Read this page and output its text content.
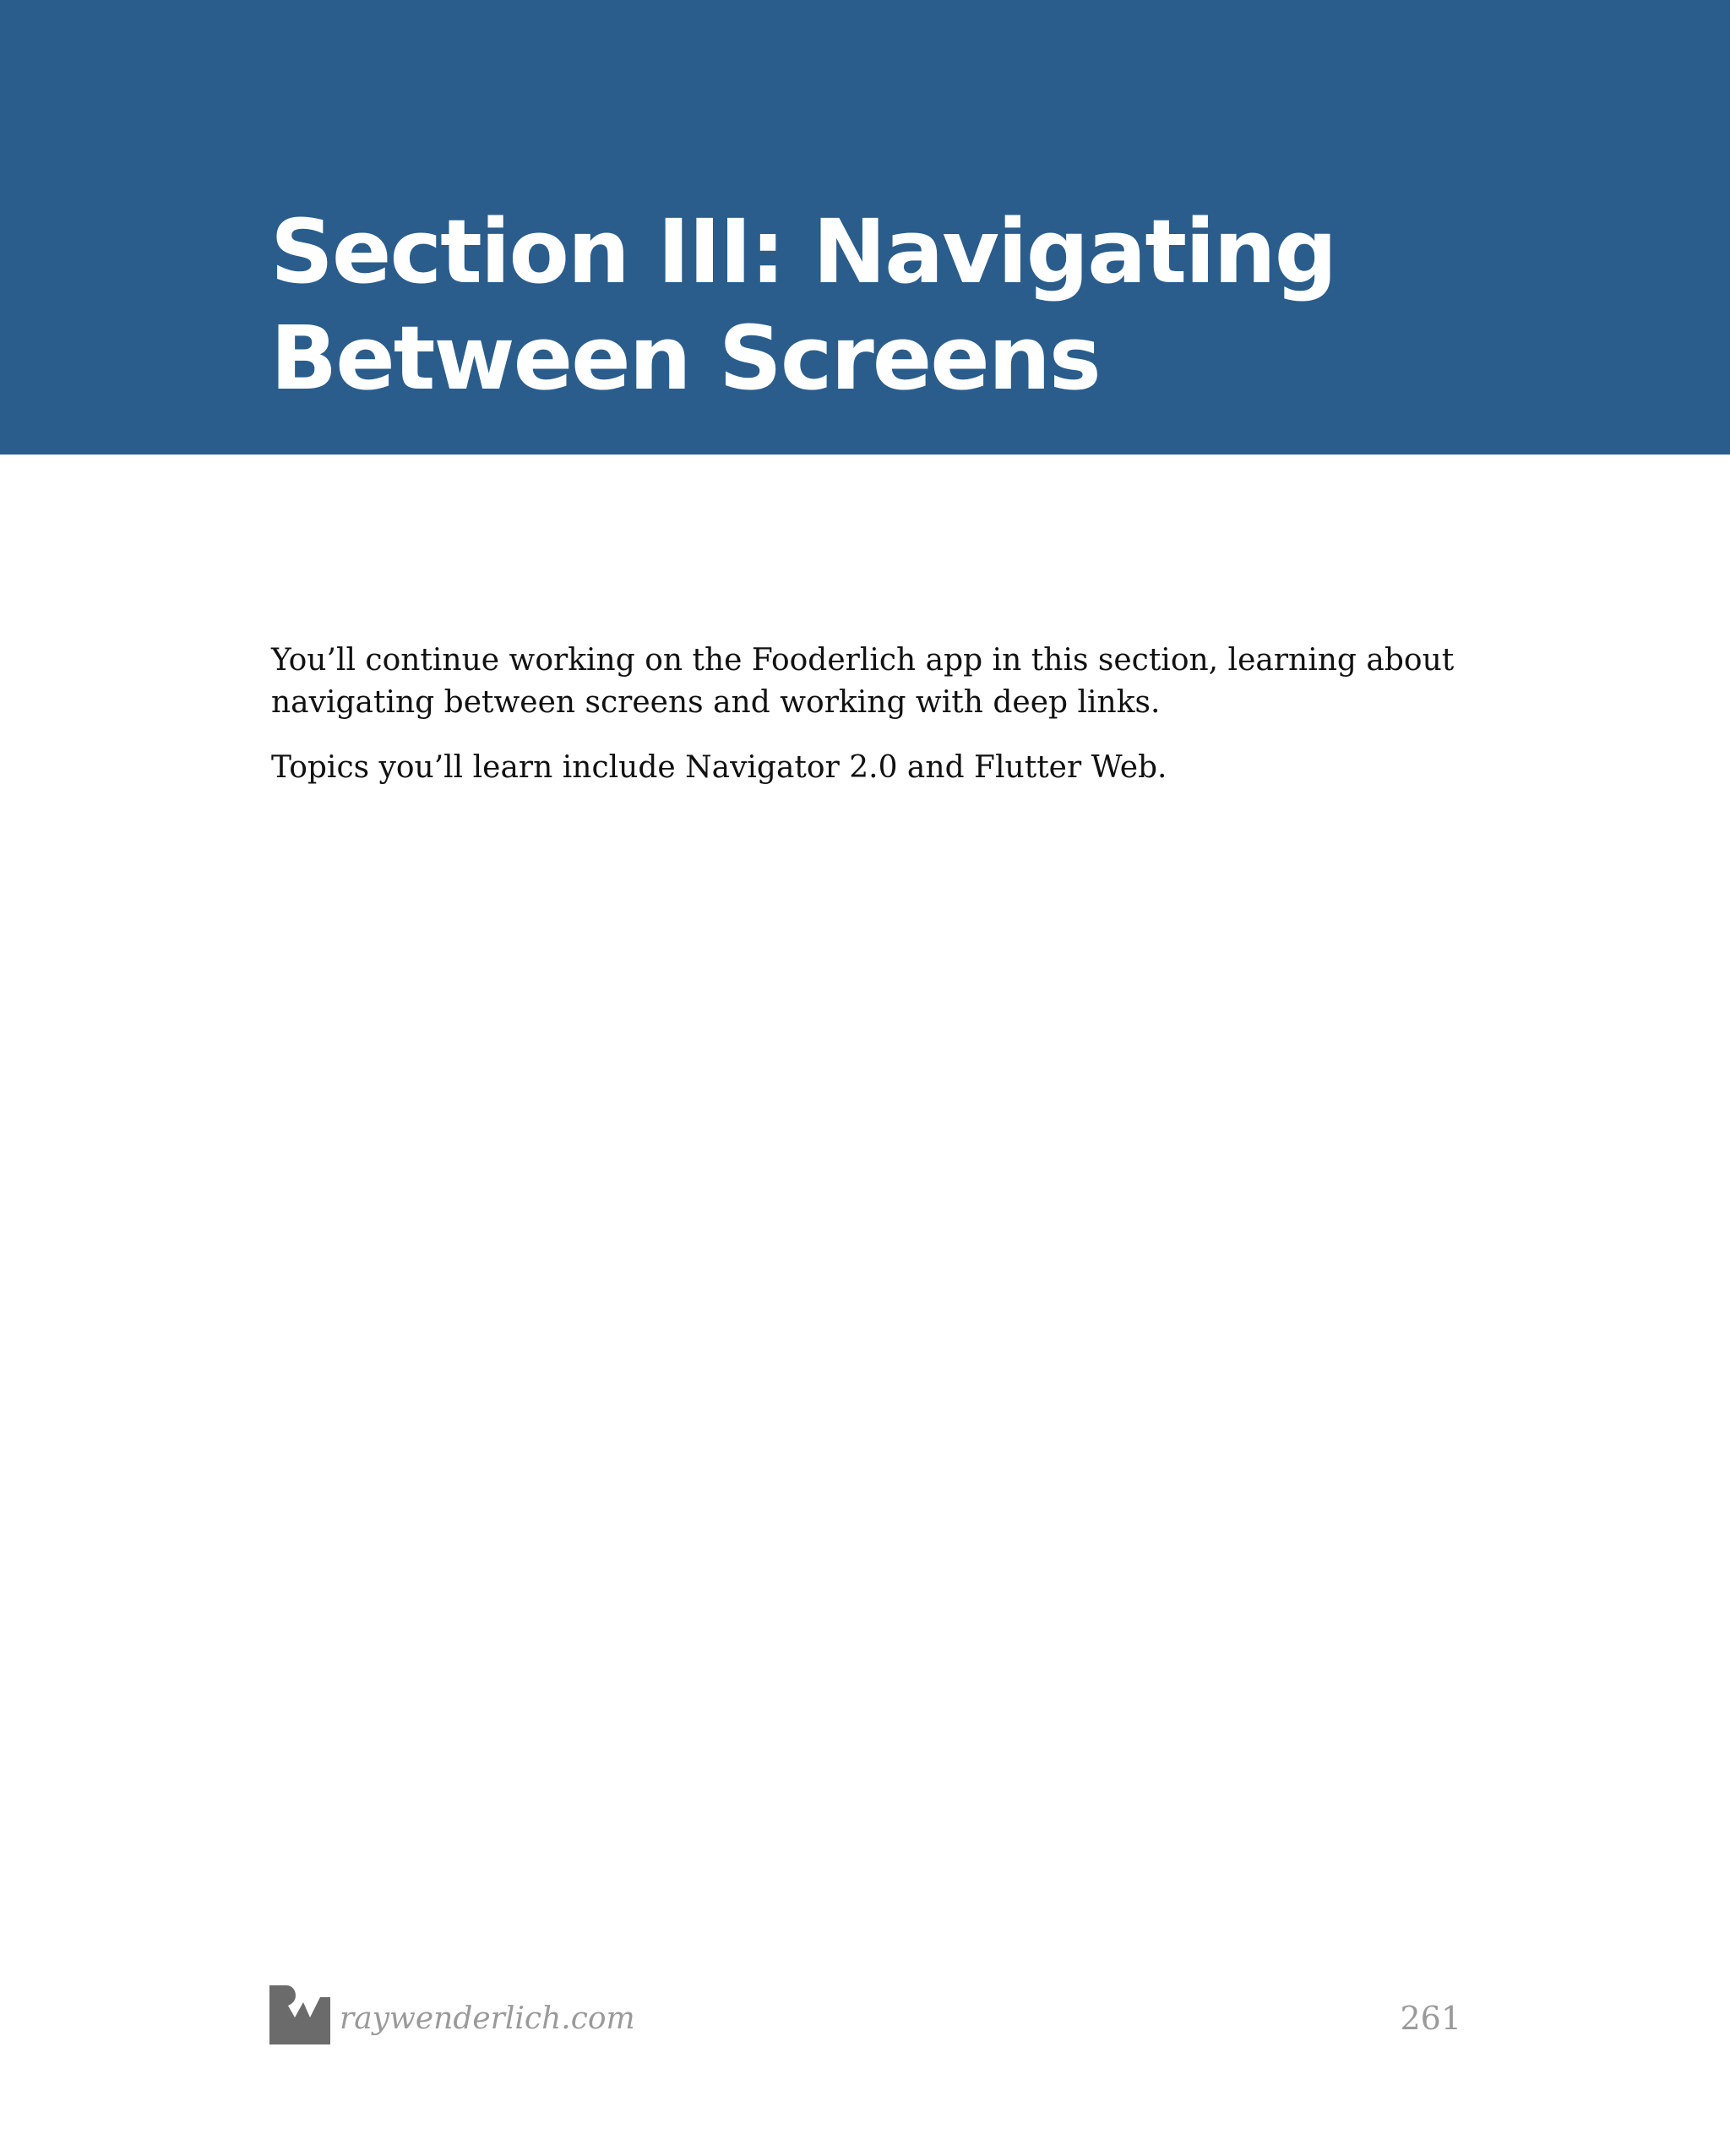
Section III: Navigating
Between Screens

You’ll continue working on the Fooderlich app in this section, learning about navigating between screens and working with deep links.

Topics you’ll learn include Navigator 2.0 and Flutter Web.

raywenderlich.com	261
